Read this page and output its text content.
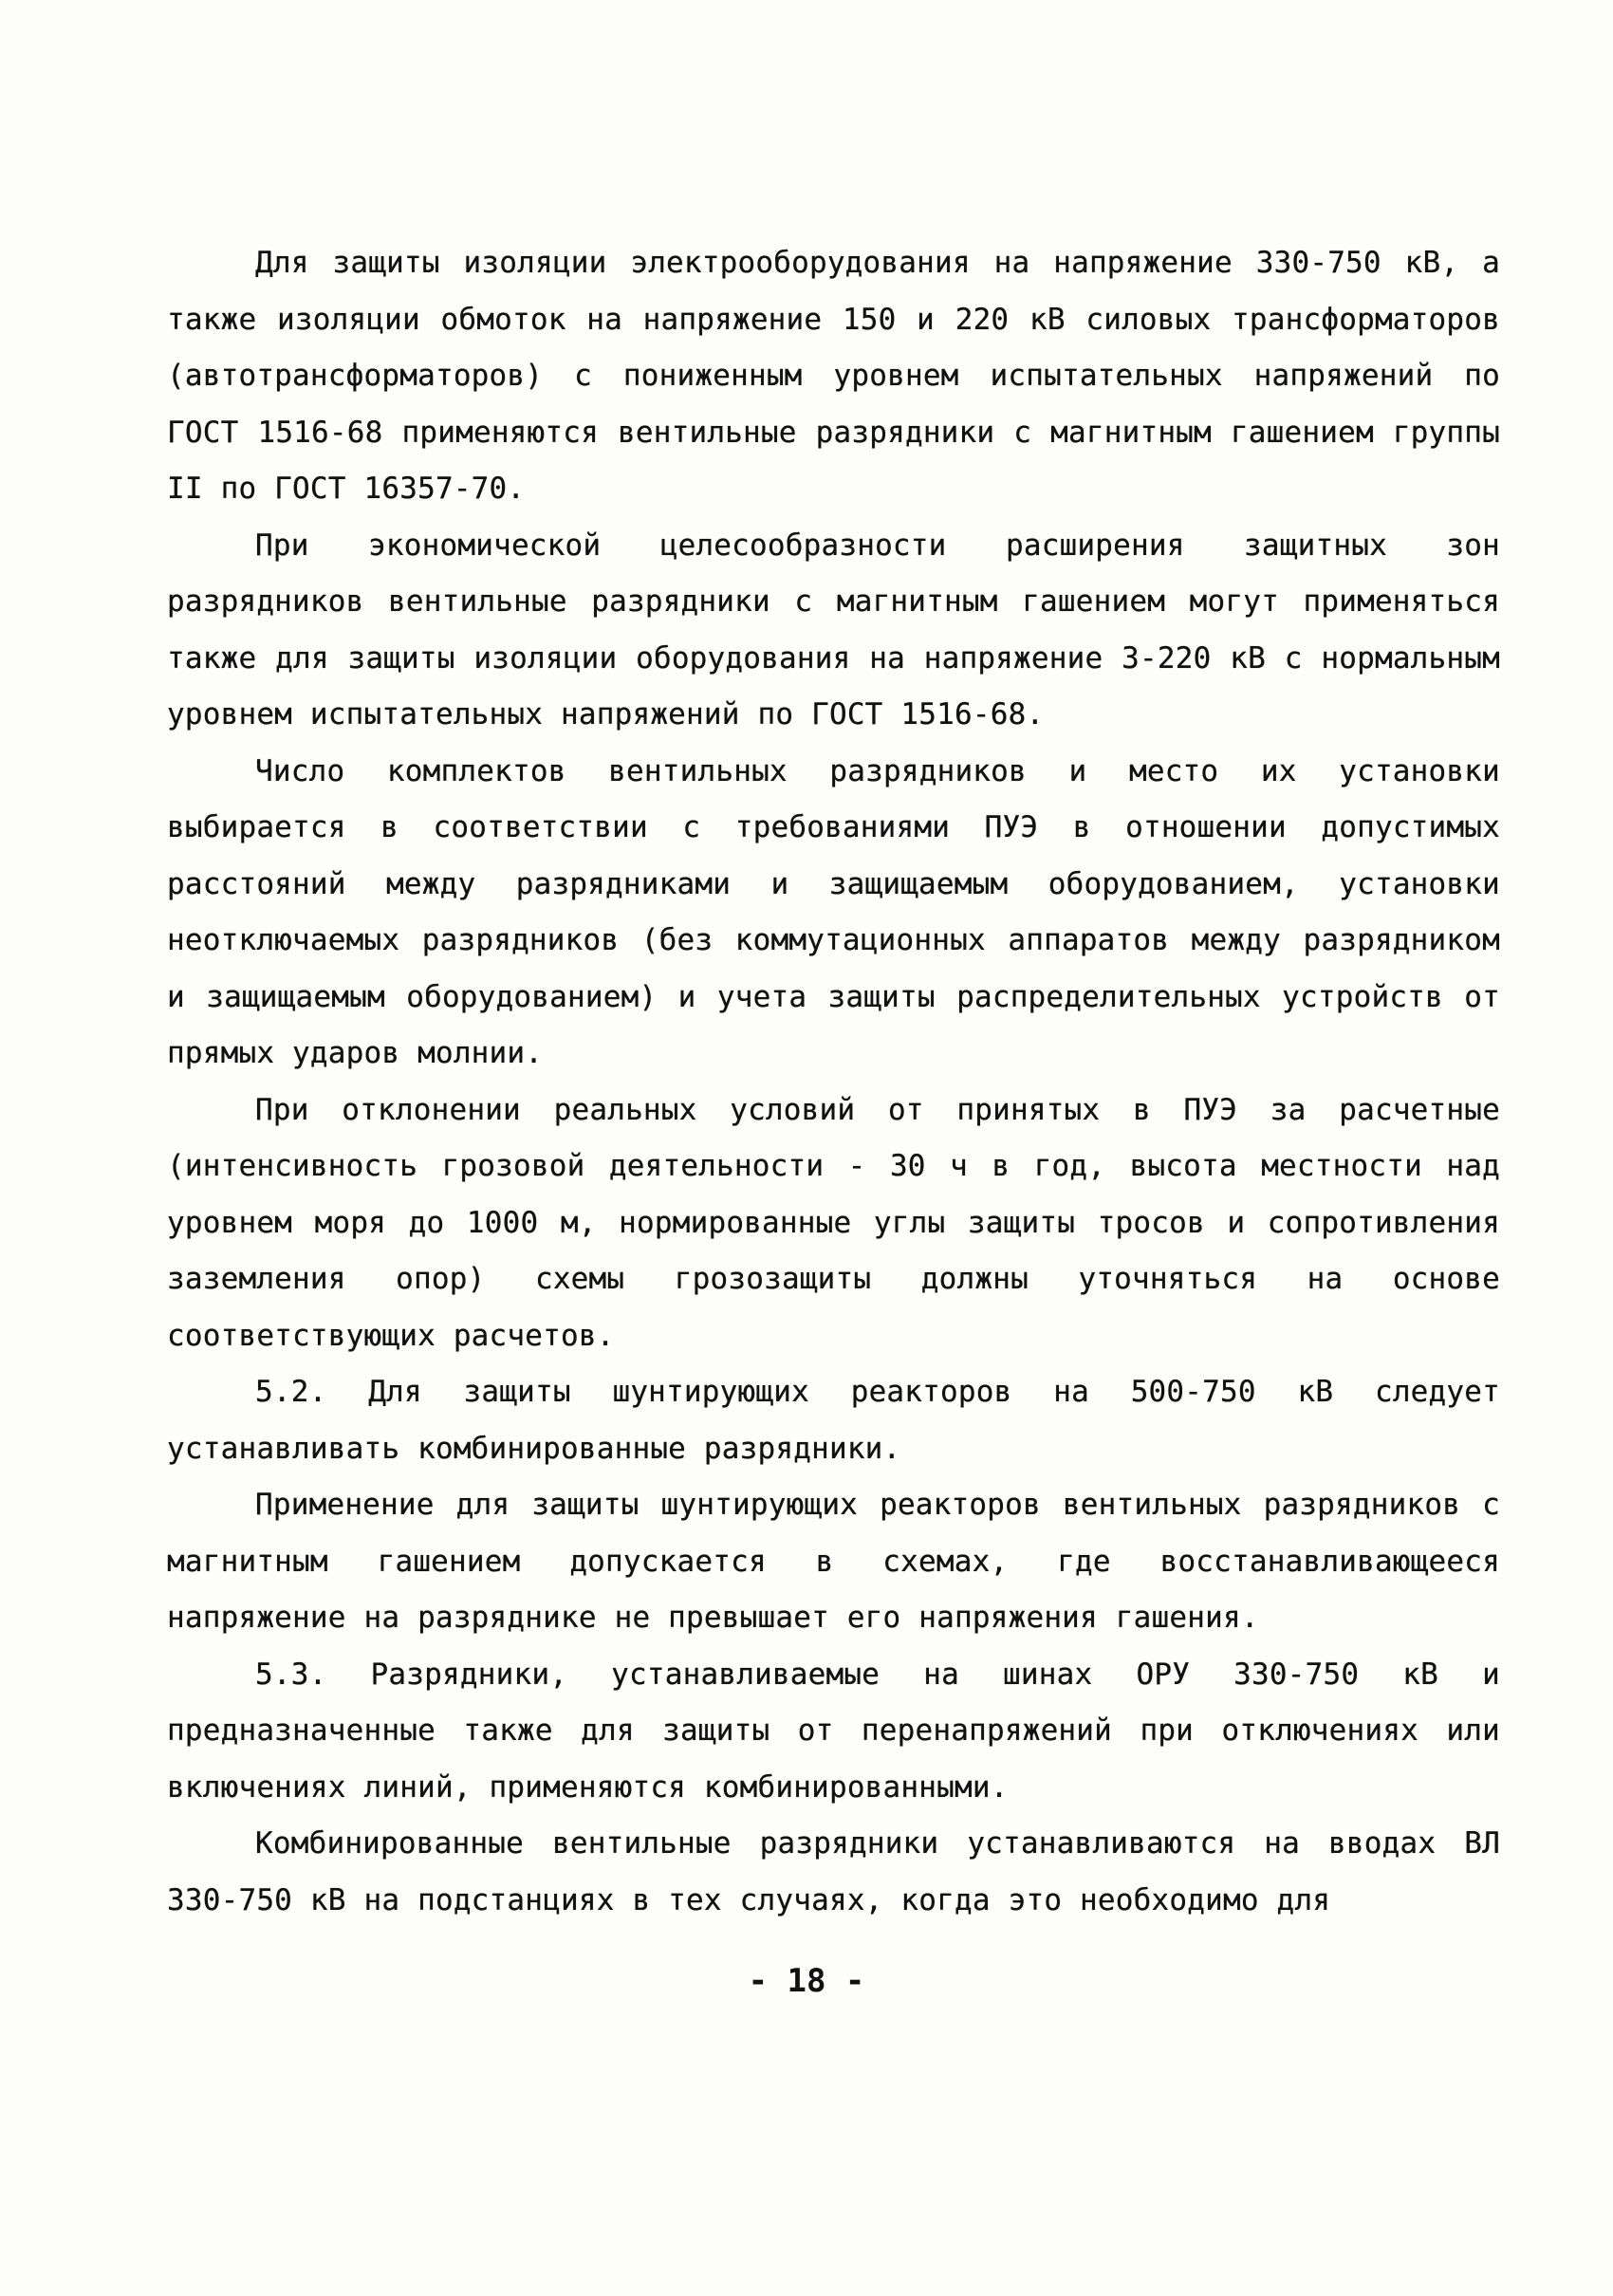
Для защиты изоляции электрооборудования на напряжение 330-750 кВ, а также изоляции обмоток на напряжение 150 и 220 кВ силовых трансформаторов (автотрансформаторов) с пониженным уровнем испытательных напряжений по ГОСТ 1516-68 применяются вентильные разрядники с магнитным гашением группы II по ГОСТ 16357-70.

При экономической целесообразности расширения защитных зон разрядников вентильные разрядники с магнитным гашением могут применяться также для защиты изоляции оборудования на напряжение 3-220 кВ с нормальным уровнем испытательных напряжений по ГОСТ 1516-68.

Число комплектов вентильных разрядников и место их установки выбирается в соответствии с требованиями ПУЭ в отношении допустимых расстояний между разрядниками и защищаемым оборудованием, установки неотключаемых разрядников (без коммутационных аппаратов между разрядником и защищаемым оборудованием) и учета защиты распределительных устройств от прямых ударов молнии.

При отклонении реальных условий от принятых в ПУЭ за расчетные (интенсивность грозовой деятельности - 30 ч в год, высота местности над уровнем моря до 1000 м, нормированные углы защиты тросов и сопротивления заземления опор) схемы грозозащиты должны уточняться на основе соответствующих расчетов.

5.2. Для защиты шунтирующих реакторов на 500-750 кВ следует устанавливать комбинированные разрядники.

Применение для защиты шунтирующих реакторов вентильных разрядников с магнитным гашением допускается в схемах, где восстанавливающееся напряжение на разряднике не превышает его напряжения гашения.

5.3. Разрядники, устанавливаемые на шинах ОРУ 330-750 кВ и предназначенные также для защиты от перенапряжений при отключениях или включениях линий, применяются комбинированными.

Комбинированные вентильные разрядники устанавливаются на вводах ВЛ 330-750 кВ на подстанциях в тех случаях, когда это необходимо для

- 18 -
